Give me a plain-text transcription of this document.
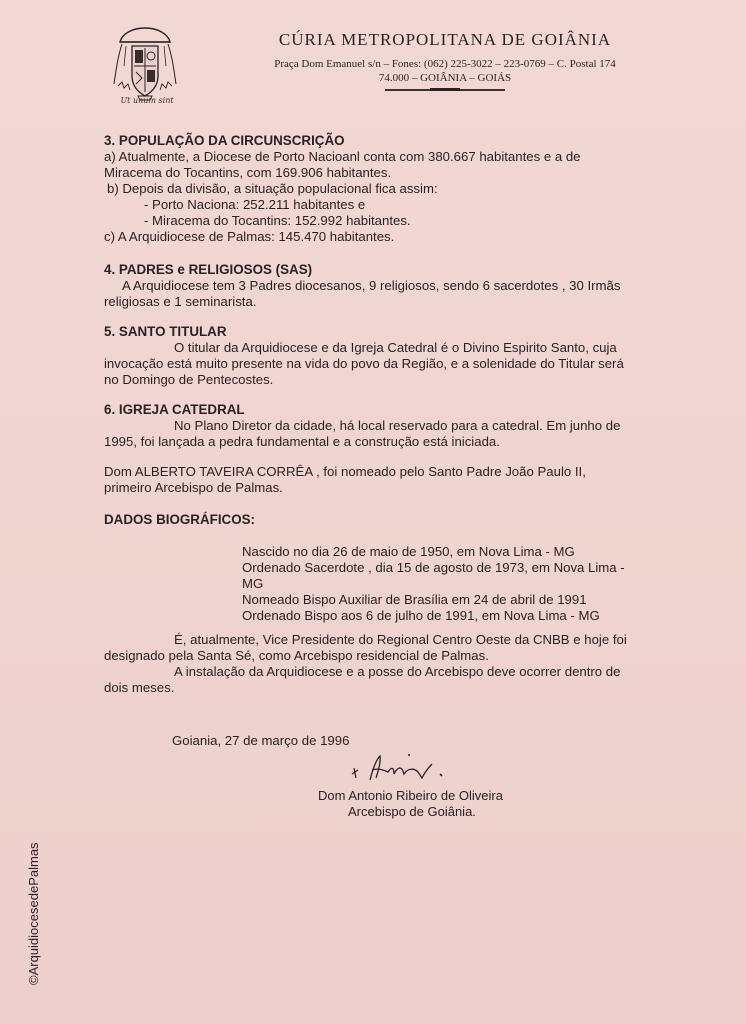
Ut unum sint
CÚRIA METROPOLITANA DE GOIÂNIA
Praça Dom Emanuel s/n – Fones: (062) 225-3022 – 223-0769 – C. Postal 174
74.000 – GOIÂNIA – GOIÁS

3. POPULAÇÃO DA CIRCUNSCRIÇÃO

a) Atualmente, a Diocese de Porto Nacioanl conta com 380.667 habitantes e a de

Miracema do Tocantins, com 169.906 habitantes.

b) Depois da divisão, a situação populacional fica assim:

- Porto Naciona: 252.211 habitantes e

- Miracema do Tocantins: 152.992 habitantes.

c) A Arquidiocese de Palmas: 145.470 habitantes.

4. PADRES e RELIGIOSOS (SAS)

A Arquidiocese tem 3 Padres diocesanos, 9 religiosos, sendo 6 sacerdotes , 30 Irmãs

religiosas e 1 seminarista.

5. SANTO TITULAR

O titular da Arquidiocese e da Igreja Catedral é o Divino Espirito Santo, cuja

invocação está muito presente na vida do povo da Região, e a solenidade do Titular será

no Domingo de Pentecostes.

6. IGREJA CATEDRAL

No Plano Diretor da cidade, há local reservado para a catedral. Em junho de

1995, foi lançada a pedra fundamental e a construção está iniciada.

Dom ALBERTO TAVEIRA CORRÊA , foi nomeado pelo Santo Padre João Paulo II,

primeiro Arcebispo de Palmas.

DADOS BIOGRÁFICOS:

Nascido no dia 26 de maio de 1950, em Nova Lima - MG

Ordenado Sacerdote , dia 15 de agosto de 1973, em Nova Lima -

MG

Nomeado Bispo Auxiliar de Brasília em 24 de abril de 1991

Ordenado Bispo aos 6 de julho de 1991, em Nova Lima - MG

É, atualmente, Vice Presidente do Regional Centro Oeste da CNBB e hoje foi

designado pela Santa Sé, como Arcebispo residencial de Palmas.

A instalação da Arquidiocese e a posse do Arcebispo deve ocorrer dentro de

dois meses.

Goiania, 27 de março de 1996
Dom Antonio Ribeiro de Oliveira
Arcebispo de Goiânia.
©ArquidiocesedePalmas
